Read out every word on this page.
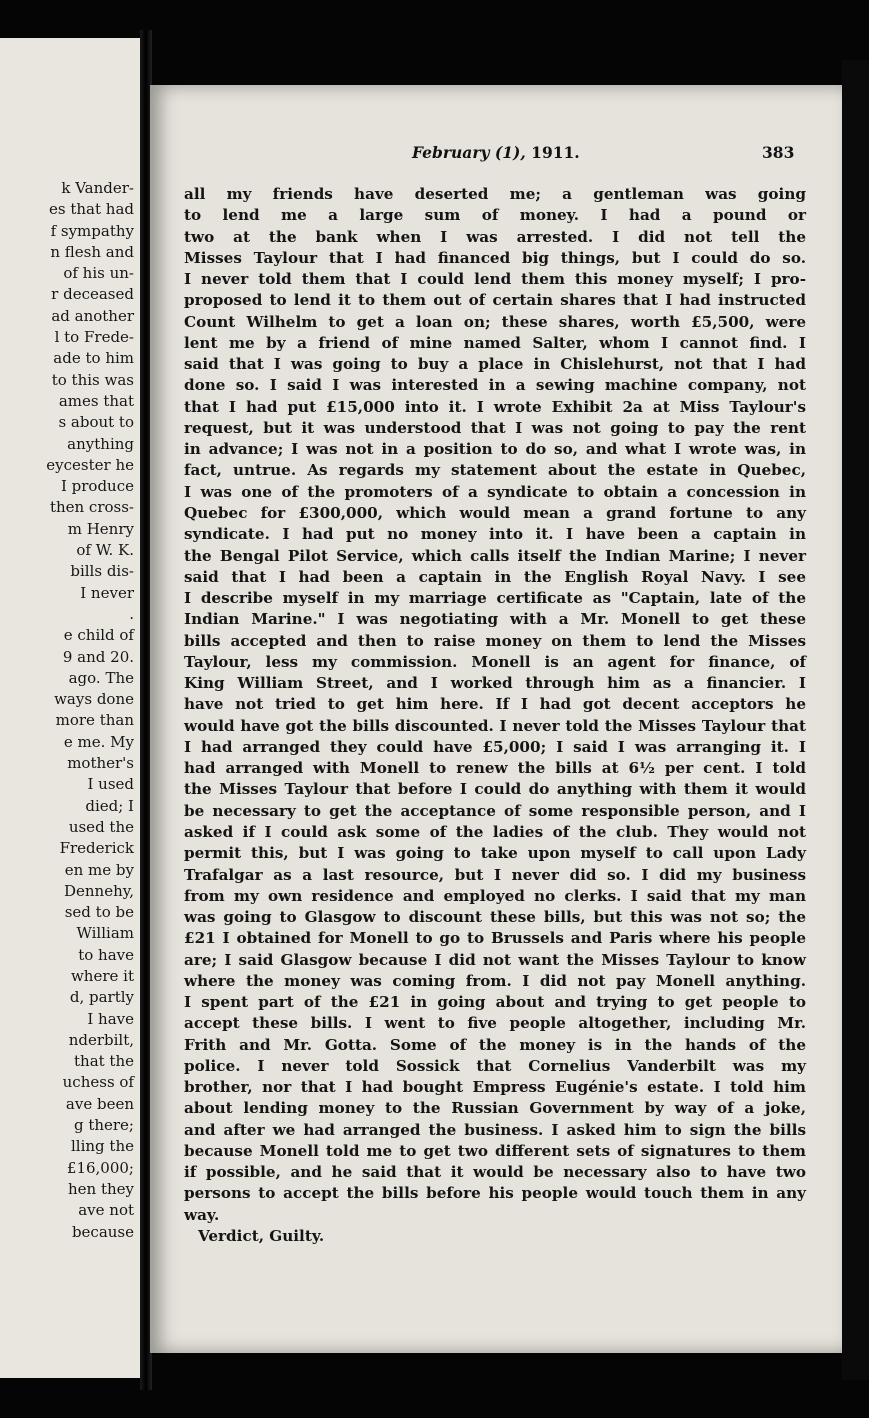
k Vander-
es that had
f sympathy
n flesh and
of his un-
r deceased
ad another
l to Frede-
ade to him
to this was
ames that
s about to
anything
eycester he
I produce
then cross-
m Henry
of W. K.
bills dis-
I never
.
e child of
9 and 20.
ago. The
ways done
more than
e me. My
mother's
I used
died; I
used the
Frederick
en me by
Dennehy,
sed to be
William
to have
where it
d, partly
I have
nderbilt,
that the
uchess of
ave been
g there;
lling the
£16,000;
hen they
ave not
because
February (1), 1911.	383
all my friends have deserted me; a gentleman was going
to lend me a large sum of money. I had a pound or
two at the bank when I was arrested. I did not tell the
Misses Taylour that I had financed big things, but I could do so.
I never told them that I could lend them this money myself; I pro-
proposed to lend it to them out of certain shares that I had instructed
Count Wilhelm to get a loan on; these shares, worth £5,500, were
lent me by a friend of mine named Salter, whom I cannot find. I
said that I was going to buy a place in Chislehurst, not that I had
done so. I said I was interested in a sewing machine company, not
that I had put £15,000 into it. I wrote Exhibit 2a at Miss Taylour's
request, but it was understood that I was not going to pay the rent
in advance; I was not in a position to do so, and what I wrote was, in
fact, untrue. As regards my statement about the estate in Quebec,
I was one of the promoters of a syndicate to obtain a concession in
Quebec for £300,000, which would mean a grand fortune to any
syndicate. I had put no money into it. I have been a captain in
the Bengal Pilot Service, which calls itself the Indian Marine; I never
said that I had been a captain in the English Royal Navy. I see
I describe myself in my marriage certificate as "Captain, late of the
Indian Marine." I was negotiating with a Mr. Monell to get these
bills accepted and then to raise money on them to lend the Misses
Taylour, less my commission. Monell is an agent for finance, of
King William Street, and I worked through him as a financier. I
have not tried to get him here. If I had got decent acceptors he
would have got the bills discounted. I never told the Misses Taylour that
I had arranged they could have £5,000; I said I was arranging it. I
had arranged with Monell to renew the bills at 6½ per cent. I told
the Misses Taylour that before I could do anything with them it would
be necessary to get the acceptance of some responsible person, and I
asked if I could ask some of the ladies of the club. They would not
permit this, but I was going to take upon myself to call upon Lady
Trafalgar as a last resource, but I never did so. I did my business
from my own residence and employed no clerks. I said that my man
was going to Glasgow to discount these bills, but this was not so; the
£21 I obtained for Monell to go to Brussels and Paris where his people
are; I said Glasgow because I did not want the Misses Taylour to know
where the money was coming from. I did not pay Monell anything.
I spent part of the £21 in going about and trying to get people to
accept these bills. I went to five people altogether, including Mr.
Frith and Mr. Gotta. Some of the money is in the hands of the
police. I never told Sossick that Cornelius Vanderbilt was my
brother, nor that I had bought Empress Eugénie's estate. I told him
about lending money to the Russian Government by way of a joke,
and after we had arranged the business. I asked him to sign the bills
because Monell told me to get two different sets of signatures to them
if possible, and he said that it would be necessary also to have two
persons to accept the bills before his people would touch them in any
way.
Verdict, Guilty.
